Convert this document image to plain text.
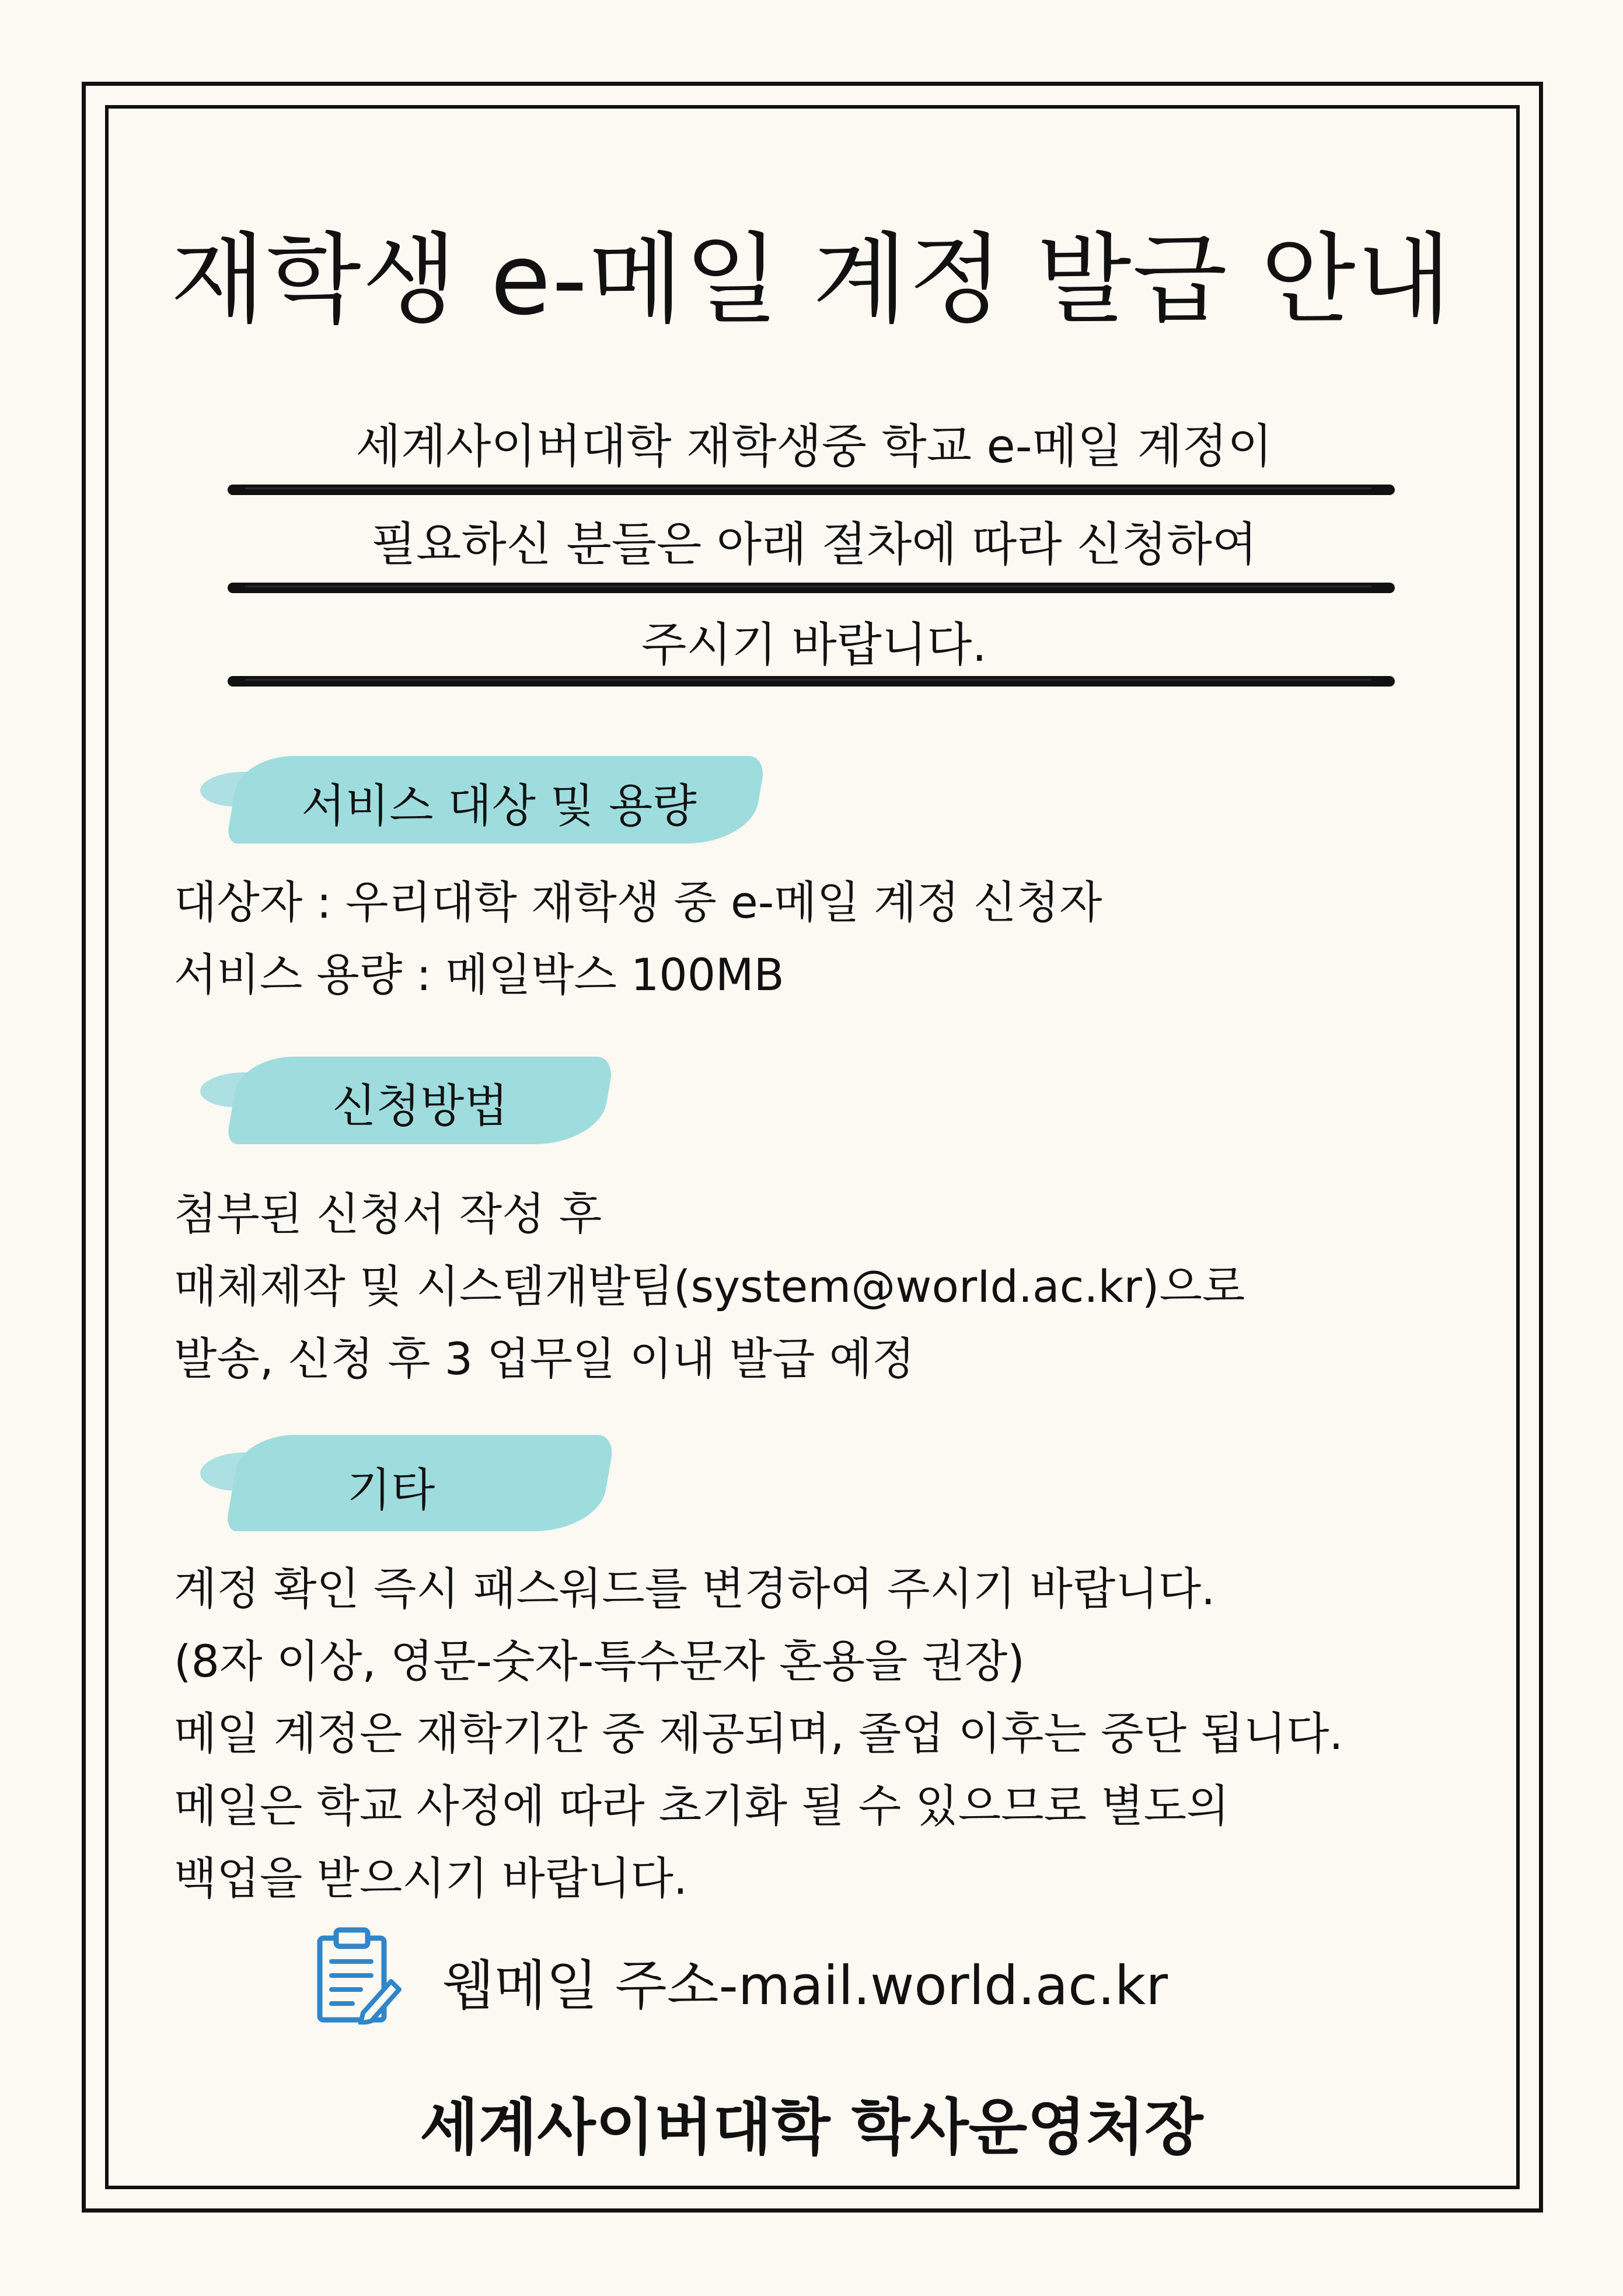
재학생 e-메일 계정 발급 안내
세계사이버대학 재학생중 학교 e-메일 계정이
필요하신 분들은 아래 절차에 따라 신청하여
주시기 바랍니다.
서비스 대상 및 용량
대상자 : 우리대학 재학생 중 e-메일 계정 신청자
서비스 용량 : 메일박스 100MB
신청방법
첨부된 신청서 작성 후
매체제작 및 시스템개발팀(system@worId.ac.kr)으로
발송, 신청 후 3 업무일 이내 발급 예정
기타
계정 확인 즉시 패스워드를 변경하여 주시기 바랍니다.
(8자 이상, 영문-숫자-특수문자 혼용을 권장)
메일 계정은 재학기간 중 제공되며, 졸업 이후는 중단 됩니다.
메일은 학교 사정에 따라 초기화 될 수 있으므로 별도의
백업을 받으시기 바랍니다.
웹메일 주소-mail.world.ac.kr
세계사이버대학 학사운영처장
